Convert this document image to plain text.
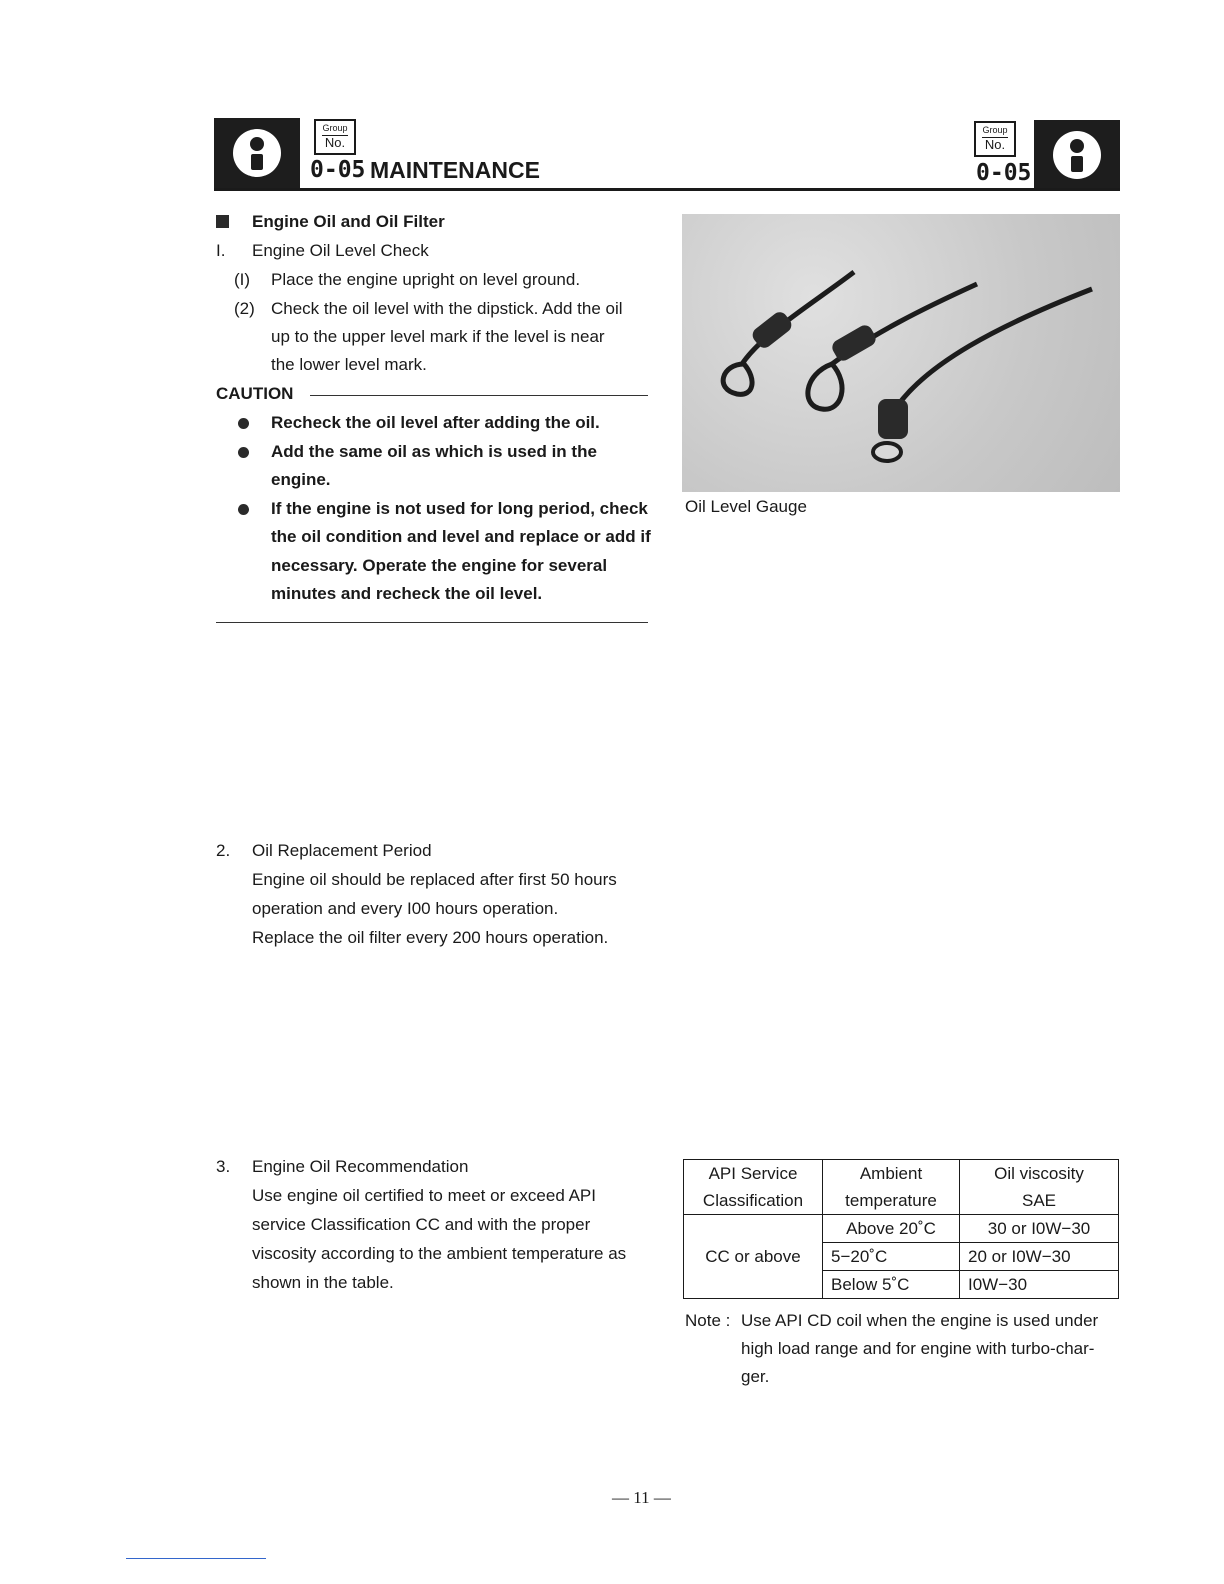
Group
No.
0-05 MAINTENANCE
Group
No.
0-05
Engine Oil and Oil Filter
I. Engine Oil Level Check
(I) Place the engine upright on level ground.
(2) Check the oil level with the dipstick. Add the oil
up to the upper level mark if the level is near
the lower level mark.
CAUTION
Recheck the oil level after adding the oil.
Add the same oil as which is used in the
engine.
If the engine is not used for long period, check
the oil condition and level and replace or add if
necessary. Operate the engine for several
minutes and recheck the oil level.
Oil Level Gauge
2. Oil Replacement Period
Engine oil should be replaced after first 50 hours
operation and every I00 hours operation.
Replace the oil filter every 200 hours operation.
3. Engine Oil Recommendation
Use engine oil certified to meet or exceed API
service Classification CC and with the proper
viscosity according to the ambient temperature as
shown in the table.
API Service	Ambient	Oil viscosity
Classification	temperature	SAE
CC or above	Above 20˚C	30 or I0W−30
	5−20˚C	20 or I0W−30
	Below 5˚C	I0W−30
Note : Use API CD coil when the engine is used under
high load range and for engine with turbo-char-
ger.
— 11 —
